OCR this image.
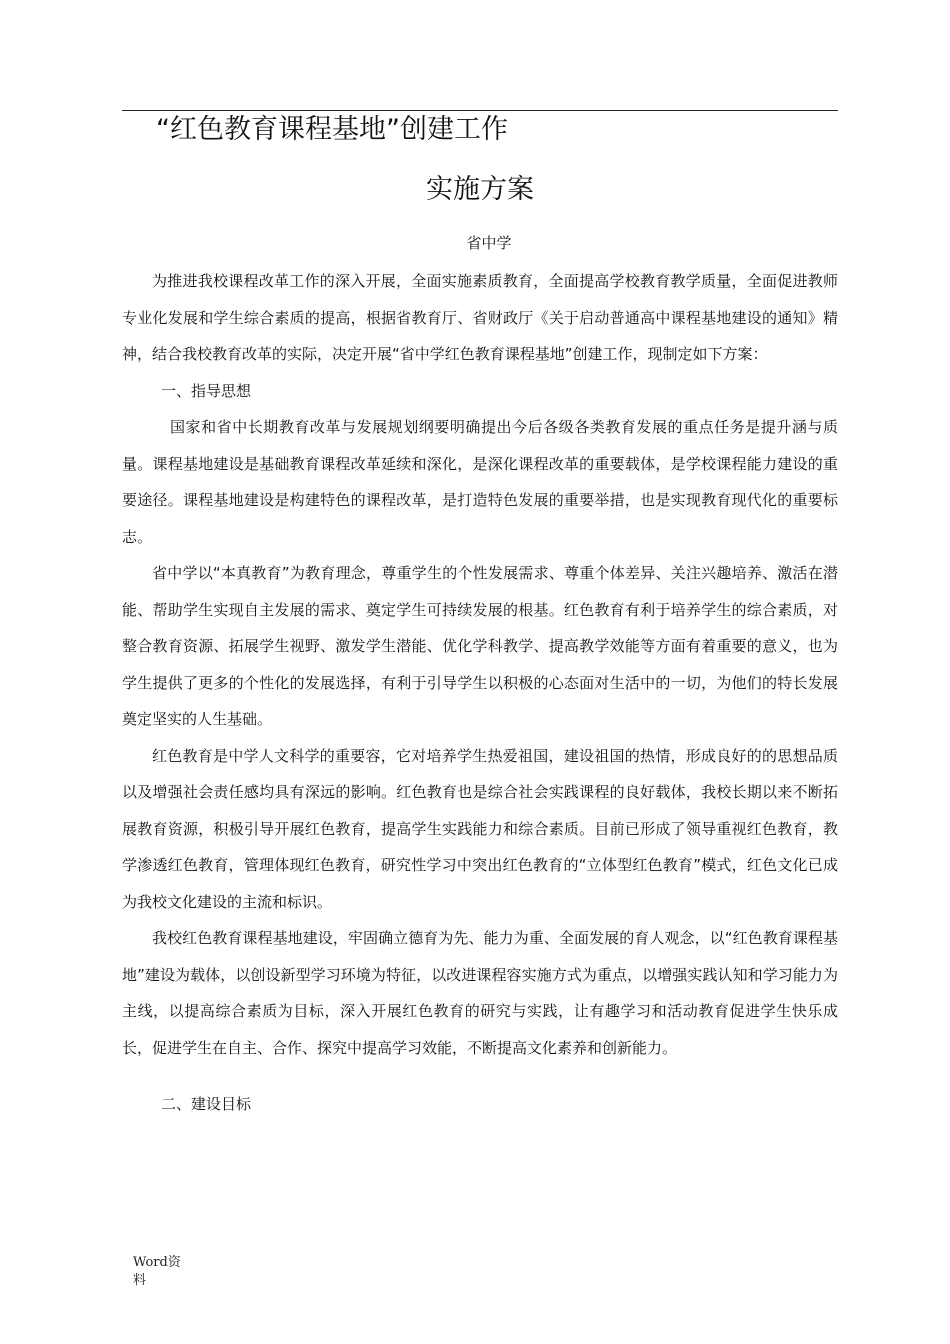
“红色教育课程基地”创建工作
实施方案
省中学

为推进我校课程改革工作的深入开展，全面实施素质教育，全面提高学校教育教学质量，全面促进教师专业化发展和学生综合素质的提高，根据省教育厅、省财政厅《关于启动普通高中课程基地建设的通知》精神，结合我校教育改革的实际，决定开展“省中学红色教育课程基地”创建工作，现制定如下方案：

一、指导思想

国家和省中长期教育改革与发展规划纲要明确提出今后各级各类教育发展的重点任务是提升涵与质量。课程基地建设是基础教育课程改革延续和深化，是深化课程改革的重要载体，是学校课程能力建设的重要途径。课程基地建设是构建特色的课程改革，是打造特色发展的重要举措，也是实现教育现代化的重要标志。

省中学以“本真教育”为教育理念，尊重学生的个性发展需求、尊重个体差异、关注兴趣培养、激活在潜能、帮助学生实现自主发展的需求、奠定学生可持续发展的根基。红色教育有利于培养学生的综合素质，对整合教育资源、拓展学生视野、激发学生潜能、优化学科教学、提高教学效能等方面有着重要的意义，也为学生提供了更多的个性化的发展选择，有利于引导学生以积极的心态面对生活中的一切，为他们的特长发展奠定坚实的人生基础。

红色教育是中学人文科学的重要容，它对培养学生热爱祖国，建设祖国的热情，形成良好的的思想品质以及增强社会责任感均具有深远的影响。红色教育也是综合社会实践课程的良好载体，我校长期以来不断拓展教育资源，积极引导开展红色教育，提高学生实践能力和综合素质。目前已形成了领导重视红色教育，教学渗透红色教育，管理体现红色教育，研究性学习中突出红色教育的“立体型红色教育”模式，红色文化已成为我校文化建设的主流和标识。

我校红色教育课程基地建设，牢固确立德育为先、能力为重、全面发展的育人观念，以“红色教育课程基地”建设为载体，以创设新型学习环境为特征，以改进课程容实施方式为重点，以增强实践认知和学习能力为主线，以提高综合素质为目标，深入开展红色教育的研究与实践，让有趣学习和活动教育促进学生快乐成长，促进学生在自主、合作、探究中提高学习效能，不断提高文化素养和创新能力。

二、建设目标

Word资料
